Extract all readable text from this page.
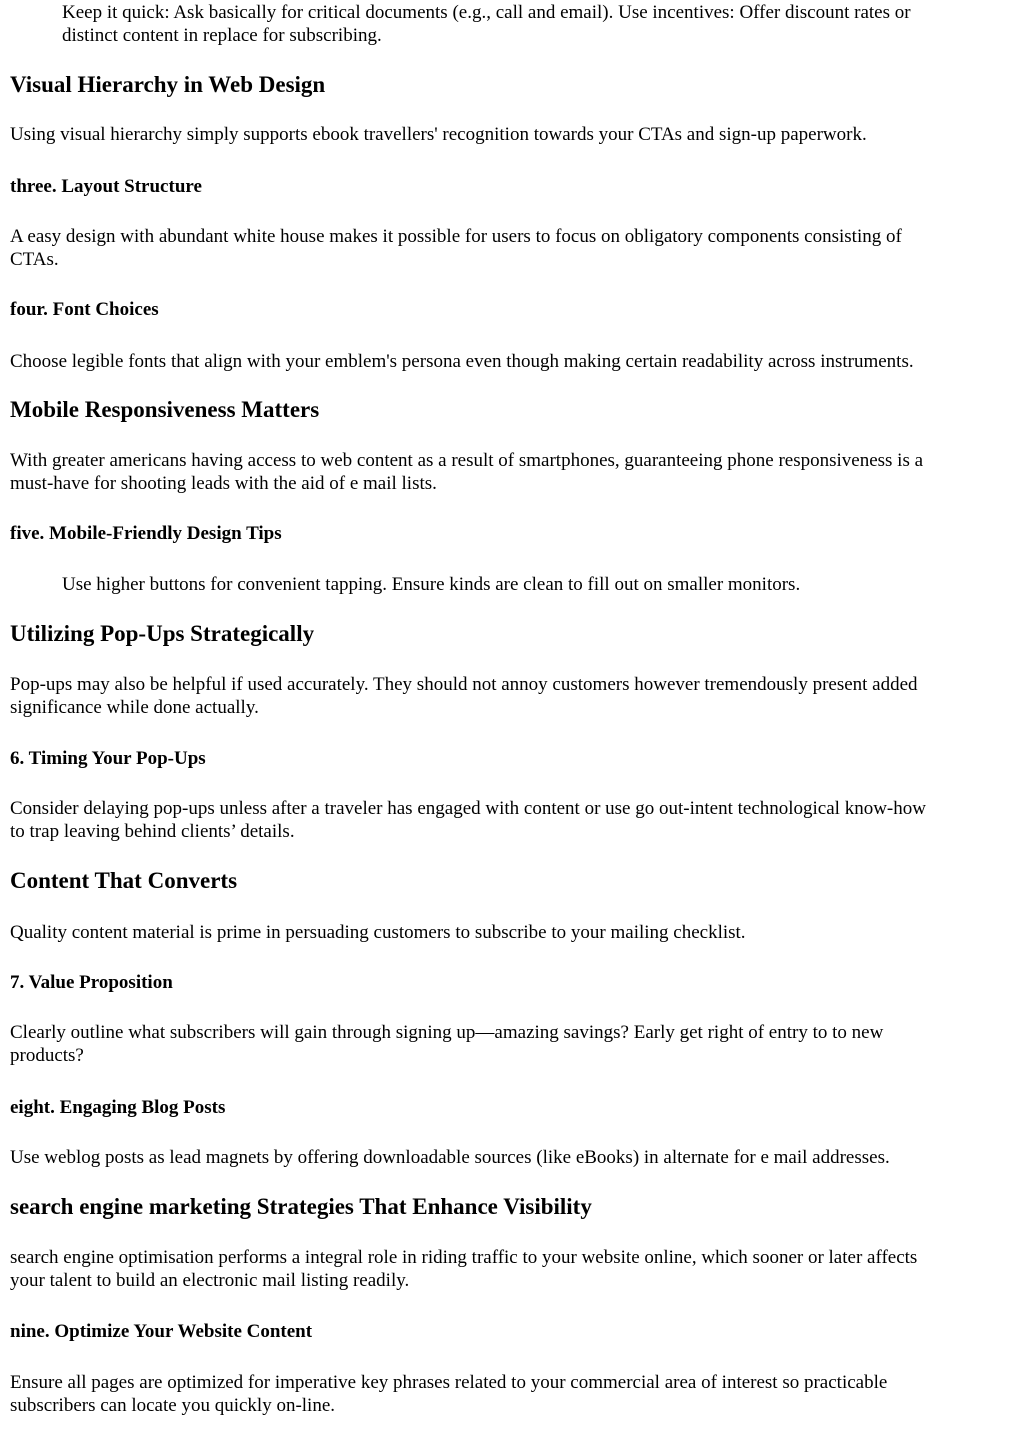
Keep it quick: Ask basically for critical documents (e.g., call and email). Use incentives: Offer discount rates or

distinct content in replace for subscribing.

Visual Hierarchy in Web Design

Using visual hierarchy simply supports ebook travellers' recognition towards your CTAs and sign-up paperwork.

three. Layout Structure

A easy design with abundant white house makes it possible for users to focus on obligatory components consisting of

CTAs.

four. Font Choices

Choose legible fonts that align with your emblem's persona even though making certain readability across instruments.

Mobile Responsiveness Matters

With greater americans having access to web content as a result of smartphones, guaranteeing phone responsiveness is a

must-have for shooting leads with the aid of e mail lists.

five. Mobile-Friendly Design Tips

Use higher buttons for convenient tapping. Ensure kinds are clean to fill out on smaller monitors.

Utilizing Pop-Ups Strategically

Pop-ups may also be helpful if used accurately. They should not annoy customers however tremendously present added

significance while done actually.

6. Timing Your Pop-Ups

Consider delaying pop-ups unless after a traveler has engaged with content or use go out-intent technological know-how

to trap leaving behind clients’ details.

Content That Converts

Quality content material is prime in persuading customers to subscribe to your mailing checklist.

7. Value Proposition

Clearly outline what subscribers will gain through signing up—amazing savings? Early get right of entry to to new

products?

eight. Engaging Blog Posts

Use weblog posts as lead magnets by offering downloadable sources (like eBooks) in alternate for e mail addresses.

search engine marketing Strategies That Enhance Visibility

search engine optimisation performs a integral role in riding traffic to your website online, which sooner or later affects

your talent to build an electronic mail listing readily.

nine. Optimize Your Website Content

Ensure all pages are optimized for imperative key phrases related to your commercial area of interest so practicable

subscribers can locate you quickly on-line.
